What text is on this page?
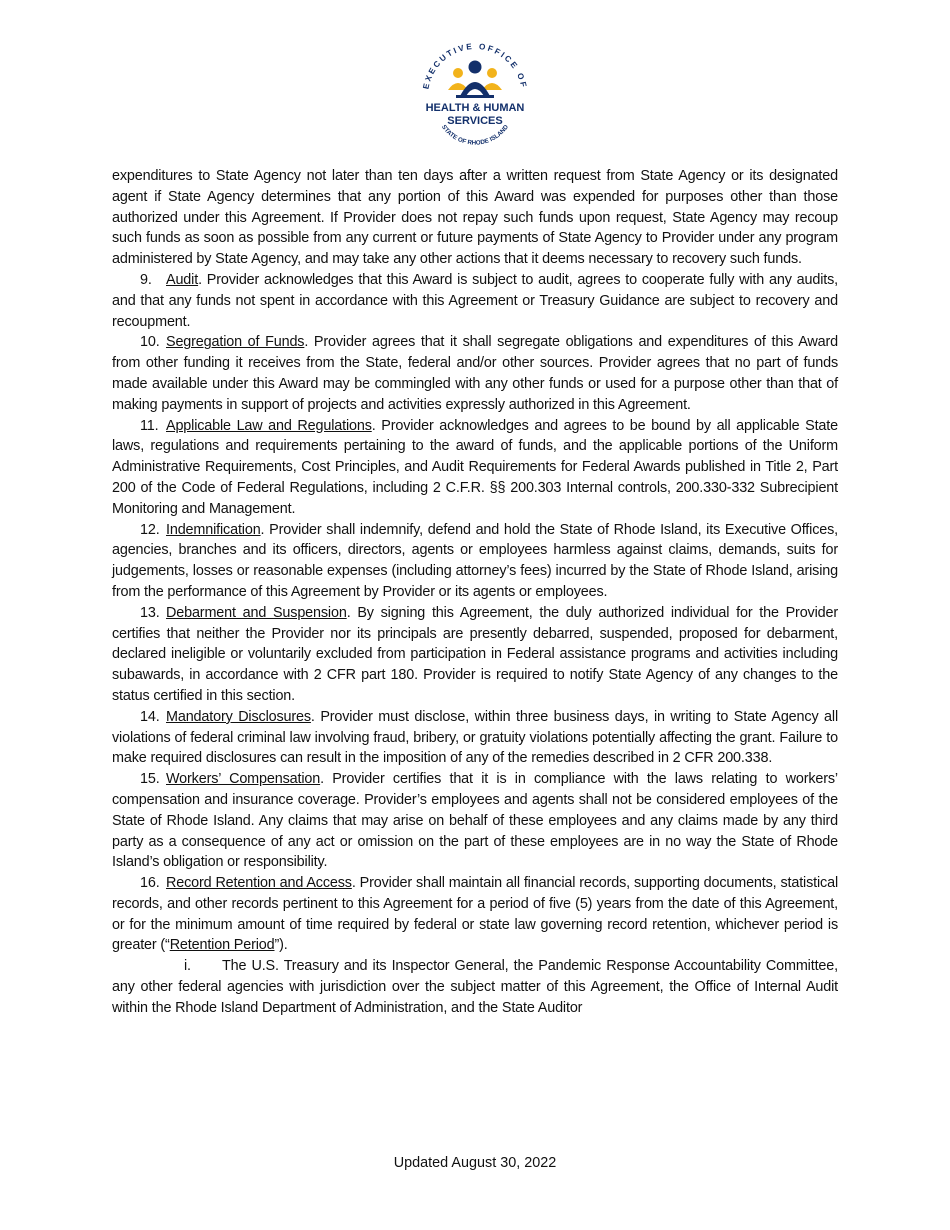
EXECUTIVE OFFICE OF
HEALTH & HUMAN
SERVICES
STATE OF RHODE ISLAND

expenditures to State Agency not later than ten days after a written request from State Agency or its designated agent if State Agency determines that any portion of this Award was expended for purposes other than those authorized under this Agreement. If Provider does not repay such funds upon request, State Agency may recoup such funds as soon as possible from any current or future payments of State Agency to Provider under any program administered by State Agency, and may take any other actions that it deems necessary to recovery such funds.

9. Audit. Provider acknowledges that this Award is subject to audit, agrees to cooperate fully with any audits, and that any funds not spent in accordance with this Agreement or Treasury Guidance are subject to recovery and recoupment.

10. Segregation of Funds. Provider agrees that it shall segregate obligations and expenditures of this Award from other funding it receives from the State, federal and/or other sources. Provider agrees that no part of funds made available under this Award may be commingled with any other funds or used for a purpose other than that of making payments in support of projects and activities expressly authorized in this Agreement.

11. Applicable Law and Regulations. Provider acknowledges and agrees to be bound by all applicable State laws, regulations and requirements pertaining to the award of funds, and the applicable portions of the Uniform Administrative Requirements, Cost Principles, and Audit Requirements for Federal Awards published in Title 2, Part 200 of the Code of Federal Regulations, including 2 C.F.R. §§ 200.303 Internal controls, 200.330-332 Subrecipient Monitoring and Management.

12. Indemnification. Provider shall indemnify, defend and hold the State of Rhode Island, its Executive Offices, agencies, branches and its officers, directors, agents or employees harmless against claims, demands, suits for judgements, losses or reasonable expenses (including attorney’s fees) incurred by the State of Rhode Island, arising from the performance of this Agreement by Provider or its agents or employees.

13. Debarment and Suspension. By signing this Agreement, the duly authorized individual for the Provider certifies that neither the Provider nor its principals are presently debarred, suspended, proposed for debarment, declared ineligible or voluntarily excluded from participation in Federal assistance programs and activities including subawards, in accordance with 2 CFR part 180. Provider is required to notify State Agency of any changes to the status certified in this section.

14. Mandatory Disclosures. Provider must disclose, within three business days, in writing to State Agency all violations of federal criminal law involving fraud, bribery, or gratuity violations potentially affecting the grant. Failure to make required disclosures can result in the imposition of any of the remedies described in 2 CFR 200.338.

15. Workers’ Compensation. Provider certifies that it is in compliance with the laws relating to workers’ compensation and insurance coverage. Provider’s employees and agents shall not be considered employees of the State of Rhode Island. Any claims that may arise on behalf of these employees and any claims made by any third party as a consequence of any act or omission on the part of these employees are in no way the State of Rhode Island’s obligation or responsibility.

16. Record Retention and Access. Provider shall maintain all financial records, supporting documents, statistical records, and other records pertinent to this Agreement for a period of five (5) years from the date of this Agreement, or for the minimum amount of time required by federal or state law governing record retention, whichever period is greater (“Retention Period”).

i. The U.S. Treasury and its Inspector General, the Pandemic Response Accountability Committee, any other federal agencies with jurisdiction over the subject matter of this Agreement, the Office of Internal Audit within the Rhode Island Department of Administration, and the State Auditor

Updated August 30, 2022
